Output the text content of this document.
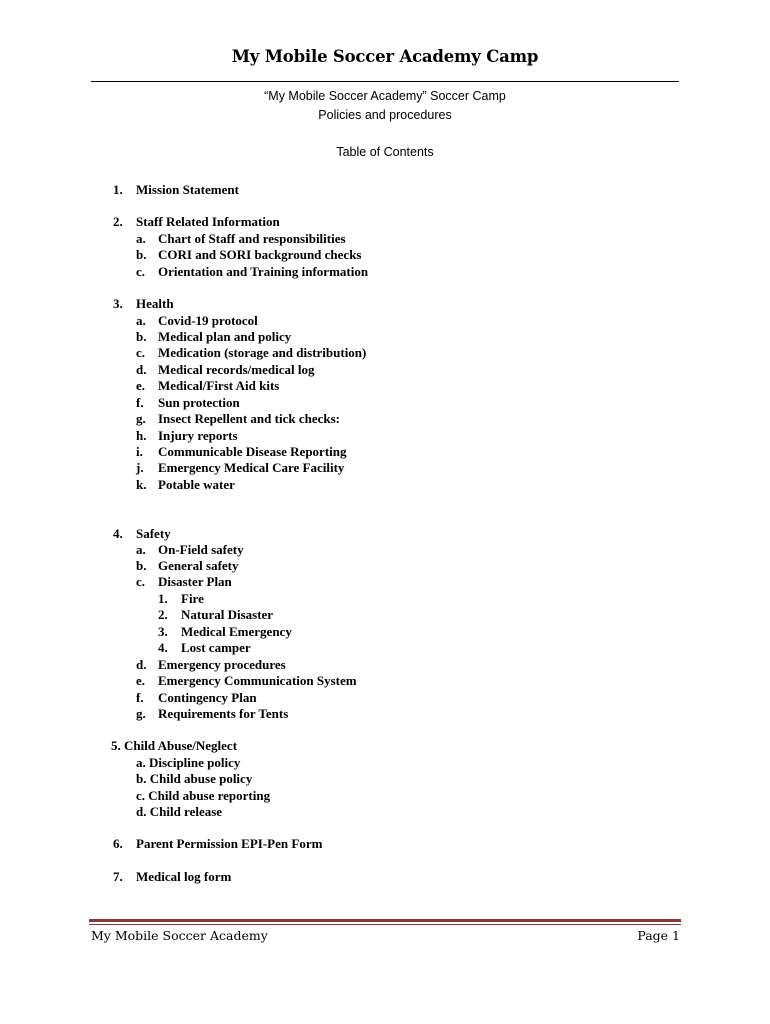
My Mobile Soccer Academy Camp
“My Mobile Soccer Academy” Soccer Camp
Policies and procedures
Table of Contents
1. Mission Statement
2. Staff Related Information
a. Chart of Staff and responsibilities
b. CORI and SORI background checks
c. Orientation and Training information
3. Health
a. Covid-19 protocol
b. Medical plan and policy
c. Medication (storage and distribution)
d. Medical records/medical log
e. Medical/First Aid kits
f. Sun protection
g. Insect Repellent and tick checks:
h. Injury reports
i. Communicable Disease Reporting
j. Emergency Medical Care Facility
k. Potable water
4. Safety
a. On-Field safety
b. General safety
c. Disaster Plan
1. Fire
2. Natural Disaster
3. Medical Emergency
4. Lost camper
d. Emergency procedures
e. Emergency Communication System
f. Contingency Plan
g. Requirements for Tents
5. Child Abuse/Neglect
a. Discipline policy
b. Child abuse policy
c. Child abuse reporting
d. Child release
6. Parent Permission EPI-Pen Form
7. Medical log form
My Mobile Soccer Academy	Page 1
